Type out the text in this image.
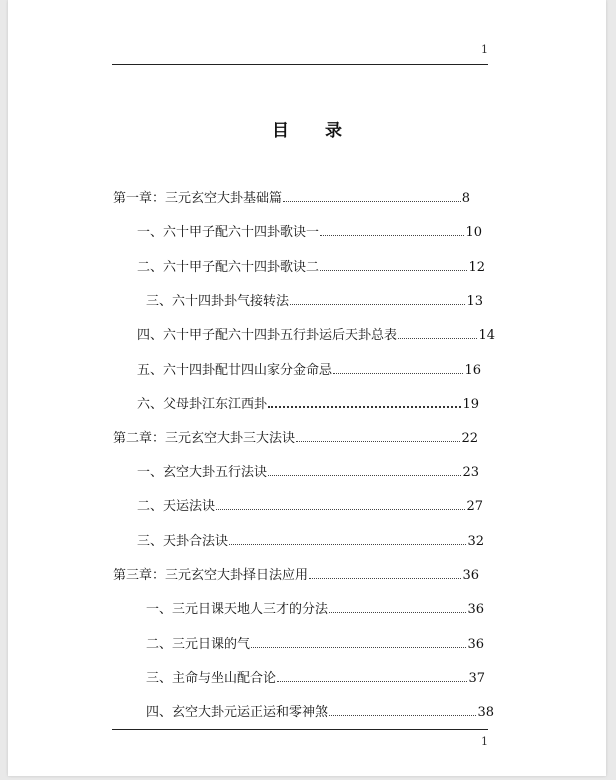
1
目 录
第一章：三元玄空大卦基础篇	8
一、六十甲子配六十四卦歌诀一	10
二、六十甲子配六十四卦歌诀二	12
三、六十四卦卦气接转法	13
四、六十甲子配六十四卦五行卦运后天卦总表	14
五、六十四卦配廿四山家分金命忌	16
六、父母卦江东江西卦	19
第二章：三元玄空大卦三大法诀	22
一、玄空大卦五行法诀	23
二、天运法诀	27
三、天卦合法诀	32
第三章：三元玄空大卦择日法应用	36
一、三元日课天地人三才的分法	36
二、三元日课的气	36
三、主命与坐山配合论	37
四、玄空大卦元运正运和零神煞	38
1
